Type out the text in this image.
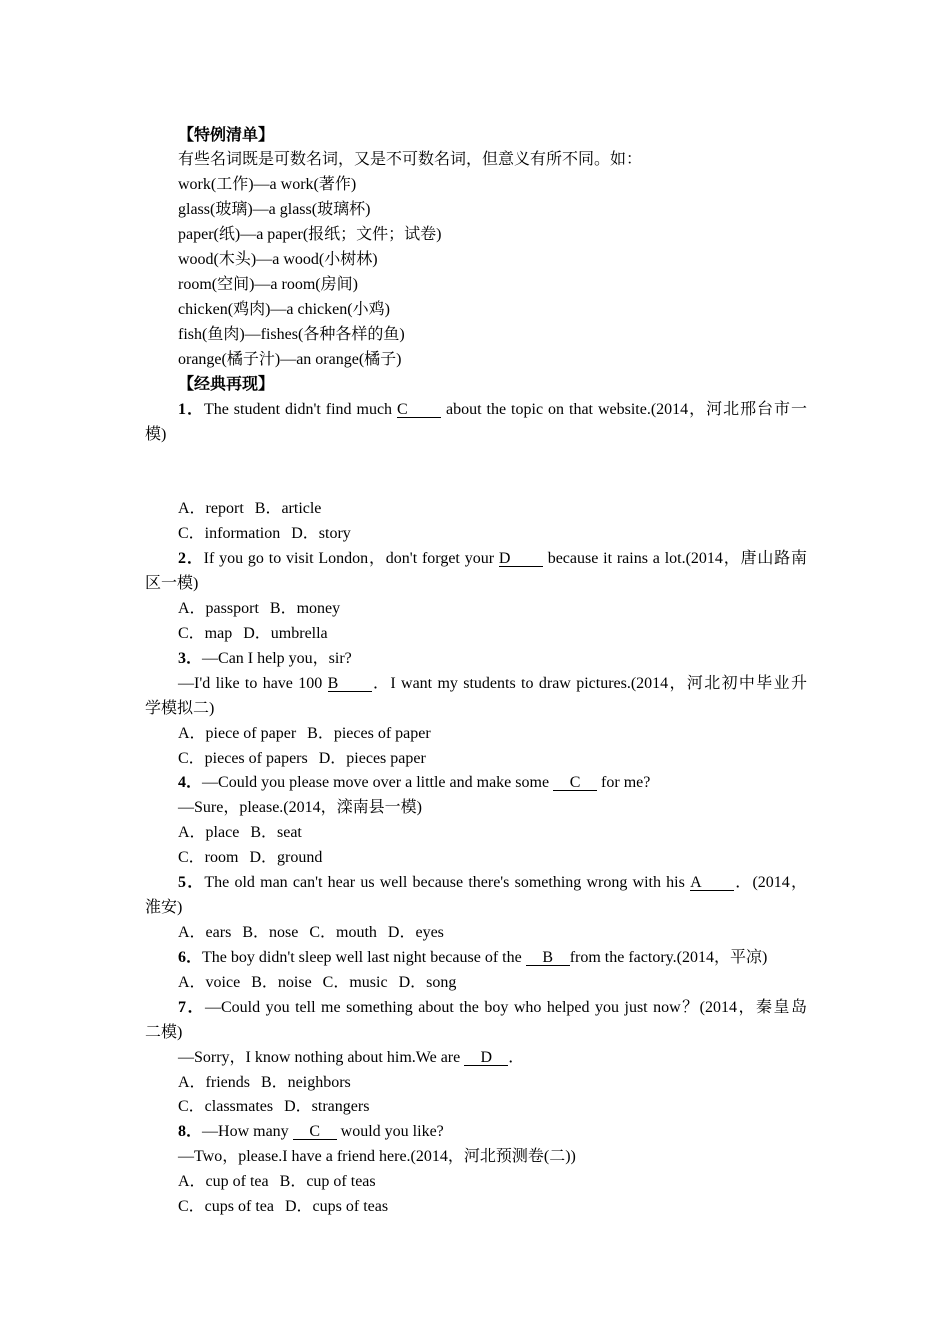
【特例清单】
有些名词既是可数名词，又是不可数名词，但意义有所不同。如：
work(工作)—a work(著作)
glass(玻璃)—a glass(玻璃杯)
paper(纸)—a paper(报纸；文件；试卷)
wood(木头)—a wood(小树林)
room(空间)—a room(房间)
chicken(鸡肉)—a chicken(小鸡)
fish(鱼肉)—fishes(各种各样的鱼)
orange(橘子汁)—an orange(橘子)
【经典再现】
1．The student didn't find much C about the topic on that website.(2014，河北邢台市一
模)
A．report B．article
C．information D．story
2．If you go to visit London，don't forget your D because it rains a lot.(2014，唐山路南
区一模)
A．passport B．money
C．map D．umbrella
3．—Can I help you，sir?
—I'd like to have 100 B ．I want my students to draw pictures.(2014，河北初中毕业升
学模拟二)
A．piece of paper B．pieces of paper
C．pieces of papers D．pieces paper
4．—Could you please move over a little and make some C for me?
—Sure，please.(2014，滦南县一模)
A．place B．seat
C．room D．ground
5．The old man can't hear us well because there's something wrong with his A ．(2014，
淮安)
A．ears B．nose C．mouth D．eyes
6．The boy didn't sleep well last night because of the B from the factory.(2014，平凉)
A．voice B．noise C．music D．song
7．—Could you tell me something about the boy who helped you just now？(2014，秦皇岛
二模)
—Sorry，I know nothing about him.We are D ．
A．friends B．neighbors
C．classmates D．strangers
8．—How many C would you like?
—Two，please.I have a friend here.(2014，河北预测卷(二))
A．cup of tea B．cup of teas
C．cups of tea D．cups of teas
